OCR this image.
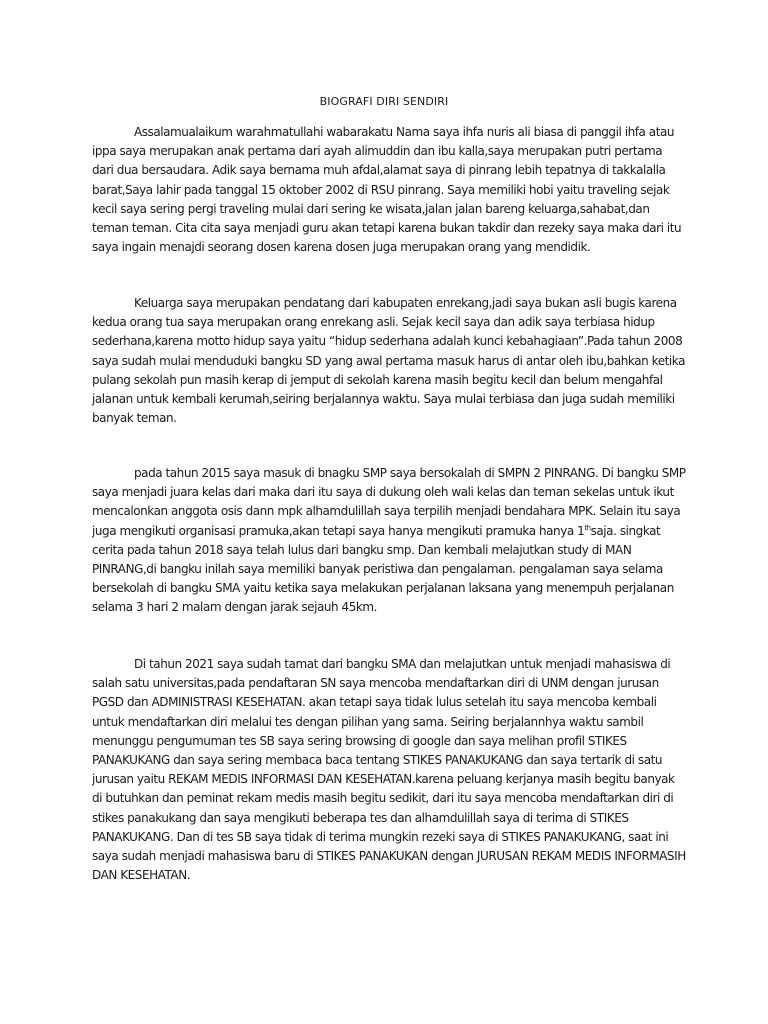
BIOGRAFI DIRI SENDIRI

Assalamualaikum warahmatullahi wabarakatu Nama saya ihfa nuris ali biasa di panggil ihfa atau ippa saya merupakan anak pertama dari ayah alimuddin dan ibu kalla,saya merupakan putri pertama dari dua bersaudara. Adik saya bernama muh afdal,alamat saya di pinrang lebih tepatnya di takkalalla barat,Saya lahir pada tanggal 15 oktober 2002 di RSU pinrang. Saya memiliki hobi yaitu traveling sejak kecil saya sering pergi traveling mulai dari sering ke wisata,jalan jalan bareng keluarga,sahabat,dan teman teman. Cita cita saya menjadi guru akan tetapi karena bukan takdir dan rezeky saya maka dari itu saya ingain menajdi seorang dosen karena dosen juga merupakan orang yang mendidik.

Keluarga saya merupakan pendatang dari kabupaten enrekang,jadi saya bukan asli bugis karena kedua orang tua saya merupakan orang enrekang asli. Sejak kecil saya dan adik saya terbiasa hidup sederhana,karena motto hidup saya yaitu “hidup sederhana adalah kunci kebahagiaan”.Pada tahun 2008 saya sudah mulai menduduki bangku SD yang awal pertama masuk harus di antar oleh ibu,bahkan ketika pulang sekolah pun masih kerap di jemput di sekolah karena masih begitu kecil dan belum mengahfal jalanan untuk kembali kerumah,seiring berjalannya waktu. Saya mulai terbiasa dan juga sudah memiliki banyak teman.

pada tahun 2015 saya masuk di bnagku SMP saya bersokalah di SMPN 2 PINRANG. Di bangku SMP saya menjadi juara kelas dari maka dari itu saya di dukung oleh wali kelas dan teman sekelas untuk ikut mencalonkan anggota osis dann mpk alhamdulillah saya terpilih menjadi bendahara MPK. Selain itu saya juga mengikuti organisasi pramuka,akan tetapi saya hanya mengikuti pramuka hanya 1thsaja. singkat cerita pada tahun 2018 saya telah lulus dari bangku smp. Dan kembali melajutkan study di MAN PINRANG,di bangku inilah saya memiliki banyak peristiwa dan pengalaman. pengalaman saya selama bersekolah di bangku SMA yaitu ketika saya melakukan perjalanan laksana yang menempuh perjalanan selama 3 hari 2 malam dengan jarak sejauh 45km.

Di tahun 2021 saya sudah tamat dari bangku SMA dan melajutkan untuk menjadi mahasiswa di salah satu universitas,pada pendaftaran SN saya mencoba mendaftarkan diri di UNM dengan jurusan PGSD dan ADMINISTRASI KESEHATAN. akan tetapi saya tidak lulus setelah itu saya mencoba kembali untuk mendaftarkan diri melalui tes dengan pilihan yang sama. Seiring berjalannhya waktu sambil menunggu pengumuman tes SB saya sering browsing di google dan saya melihan profil STIKES PANAKUKANG dan saya sering membaca baca tentang STIKES PANAKUKANG dan saya tertarik di satu jurusan yaitu REKAM MEDIS INFORMASI DAN KESEHATAN.karena peluang kerjanya masih begitu banyak di butuhkan dan peminat rekam medis masih begitu sedikit, dari itu saya mencoba mendaftarkan diri di stikes panakukang dan saya mengikuti beberapa tes dan alhamdulillah saya di terima di STIKES PANAKUKANG. Dan di tes SB saya tidak di terima mungkin rezeki saya di STIKES PANAKUKANG, saat ini saya sudah menjadi mahasiswa baru di STIKES PANAKUKAN dengan JURUSAN REKAM MEDIS INFORMASIH DAN KESEHATAN.
